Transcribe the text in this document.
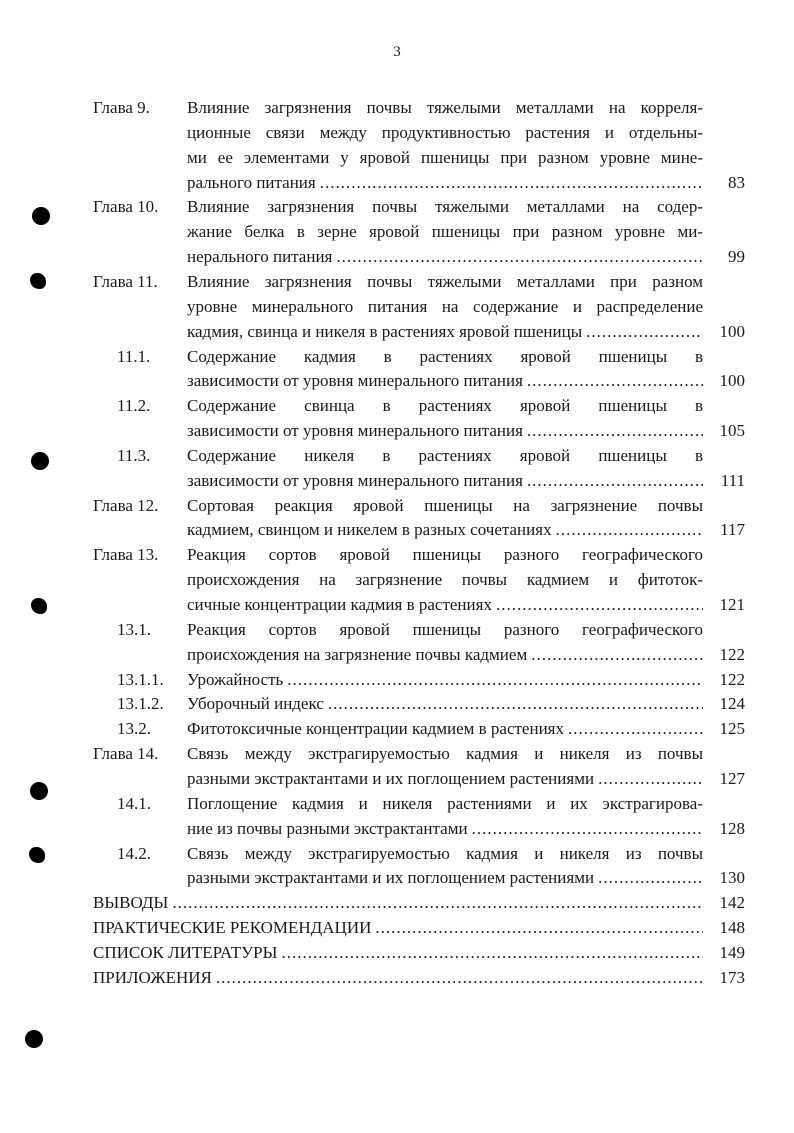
3
Глава 9. Влияние загрязнения почвы тяжелыми металлами на корреля-
ционные связи между продуктивностью растения и отдельны-
ми ее элементами у яровой пшеницы при разном уровне мине-
рального питания .....	83
Глава 10. Влияние загрязнения почвы тяжелыми металлами на содер-
жание белка в зерне яровой пшеницы при разном уровне ми-
нерального питания .....	99
Глава 11. Влияние загрязнения почвы тяжелыми металлами при разном
уровне минерального питания на содержание и распределение
кадмия, свинца и никеля в растениях яровой пшеницы .....	100
11.1. Содержание кадмия в растениях яровой пшеницы в
зависимости от уровня минерального питания .....	100
11.2. Содержание свинца в растениях яровой пшеницы в
зависимости от уровня минерального питания .....	105
11.3. Содержание никеля в растениях яровой пшеницы в
зависимости от уровня минерального питания .....	111
Глава 12. Сортовая реакция яровой пшеницы на загрязнение почвы
кадмием, свинцом и никелем в разных сочетаниях .....	117
Глава 13. Реакция сортов яровой пшеницы разного географического
происхождения на загрязнение почвы кадмием и фитоток-
сичные концентрации кадмия в растениях .....	121
13.1. Реакция сортов яровой пшеницы разного географического
происхождения на загрязнение почвы кадмием .....	122
13.1.1. Урожайность .....	122
13.1.2. Уборочный индекс .....	124
13.2. Фитотоксичные концентрации кадмием в растениях .....	125
Глава 14. Связь между экстрагируемостью кадмия и никеля из почвы
разными экстрактантами и их поглощением растениями .....	127
14.1. Поглощение кадмия и никеля растениями и их экстрагирова-
ние из почвы разными экстрактантами .....	128
14.2. Связь между экстрагируемостью кадмия и никеля из почвы
разными экстрактантами и их поглощением растениями .....	130
ВЫВОДЫ .....	142
ПРАКТИЧЕСКИЕ РЕКОМЕНДАЦИИ .....	148
СПИСОК ЛИТЕРАТУРЫ .....	149
ПРИЛОЖЕНИЯ .....	173
